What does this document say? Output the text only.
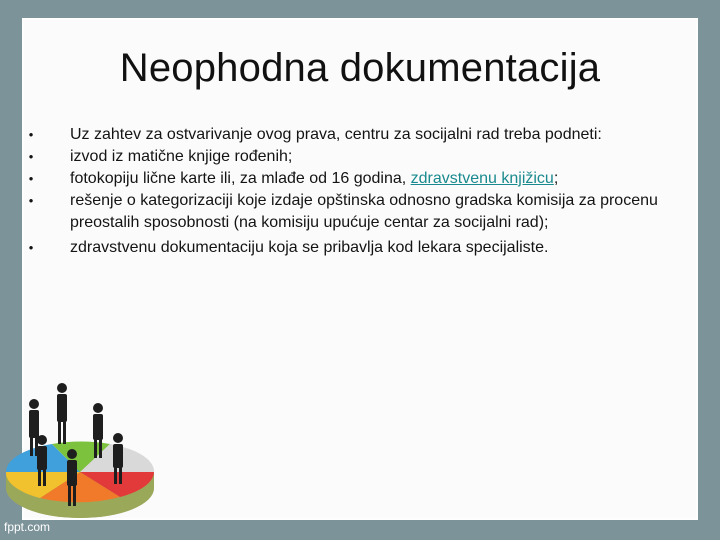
Neophodna dokumentacija
• Uz zahtev za ostvarivanje ovog prava, centru za socijalni rad treba podneti:
• izvod iz matične knjige rođenih;
• fotokopiju lične karte ili, za mlađe od 16 godina, zdravstvenu knjižicu;
• rešenje o kategorizaciji koje izdaje opštinska odnosno gradska komisija za procenu preostalih sposobnosti (na komisiju upućuje centar za socijalni rad);
• zdravstvenu dokumentaciju koja se pribavlja kod lekara specijaliste.
fppt.com
